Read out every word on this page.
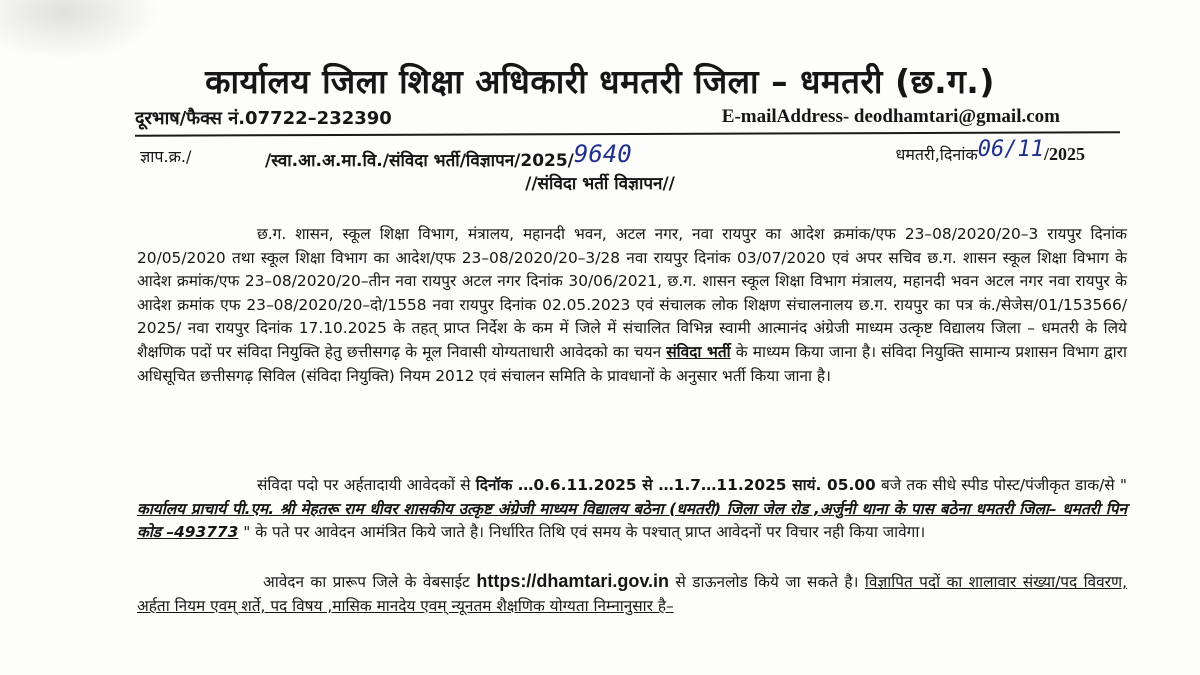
कार्यालय जिला शिक्षा अधिकारी धमतरी जिला – धमतरी (छ.ग.)
दूरभाष/फैक्स नं.07722–232390	E-mailAddress- deodhamtari@gmail.com
ज्ञाप.क्र./	/स्वा.आ.अ.मा.वि./संविदा भर्ती/विज्ञापन/2025/9640	धमतरी,दिनांक06/11/2025
//संविदा भर्ती विज्ञापन//

छ.ग. शासन, स्कूल शिक्षा विभाग, मंत्रालय, महानदी भवन, अटल नगर, नवा रायपुर का आदेश क्रमांक/एफ 23–08/2020/20–3 रायपुर दिनांक 20/05/2020 तथा स्कूल शिक्षा विभाग का आदेश/एफ 23–08/2020/20–3/28 नवा रायपुर दिनांक 03/07/2020 एवं अपर सचिव छ.ग. शासन स्कूल शिक्षा विभाग के आदेश क्रमांक/एफ 23–08/2020/20–तीन नवा रायपुर अटल नगर दिनांक 30/06/2021, छ.ग. शासन स्कूल शिक्षा विभाग मंत्रालय, महानदी भवन अटल नगर नवा रायपुर के आदेश क्रमांक एफ 23–08/2020/20–दो/1558 नवा रायपुर दिनांक 02.05.2023 एवं संचालक लोक शिक्षण संचालनालय छ.ग. रायपुर का पत्र कं./सेजेस/01/153566/ 2025/ नवा रायपुर दिनांक 17.10.2025 के तहत् प्राप्त निर्देश के कम में जिले में संचालित विभिन्न स्वामी आत्मानंद अंग्रेजी माध्यम उत्कृष्ट विद्यालय जिला – धमतरी के लिये शैक्षणिक पदों पर संविदा नियुक्ति हेतु छत्तीसगढ़ के मूल निवासी योग्यताधारी आवेदको का चयन संविदा भर्ती के माध्यम किया जाना है। संविदा नियुक्ति सामान्य प्रशासन विभाग द्वारा अधिसूचित छत्तीसगढ़ सिविल (संविदा नियुक्ति) नियम 2012 एवं संचालन समिति के प्रावधानों के अनुसार भर्ती किया जाना है।

संविदा पदो पर अर्हतादायी आवेदकों से दिनॉक …0.6.11.2025 से …1.7…11.2025 सायं. 05.00 बजे तक सीधे स्पीड पोस्ट/पंजीकृत डाक/से " कार्यालय प्राचार्य पी.एम. श्री मेहतरू राम धीवर शासकीय उत्कृष्ट अंग्रेजी माध्यम विद्यालय बठेना (धमतरी) जिला जेल रोड ,अर्जुनी थाना के पास बठेना धमतरी जिला– धमतरी पिन कोड –493773 " के पते पर आवेदन आमंत्रित किये जाते है। निर्धारित तिथि एवं समय के पश्चात् प्राप्त आवेदनों पर विचार नही किया जावेगा।

आवेदन का प्रारूप जिले के वेबसाईट https://dhamtari.gov.in से डाऊनलोड किये जा सकते है। विज्ञापित पदों का शालावार संख्या/पद विवरण, अर्हता नियम एवम् शर्ते, पद विषय ,मासिक मानदेय एवम् न्यूनतम शैक्षणिक योग्यता निम्नानुसार है–
